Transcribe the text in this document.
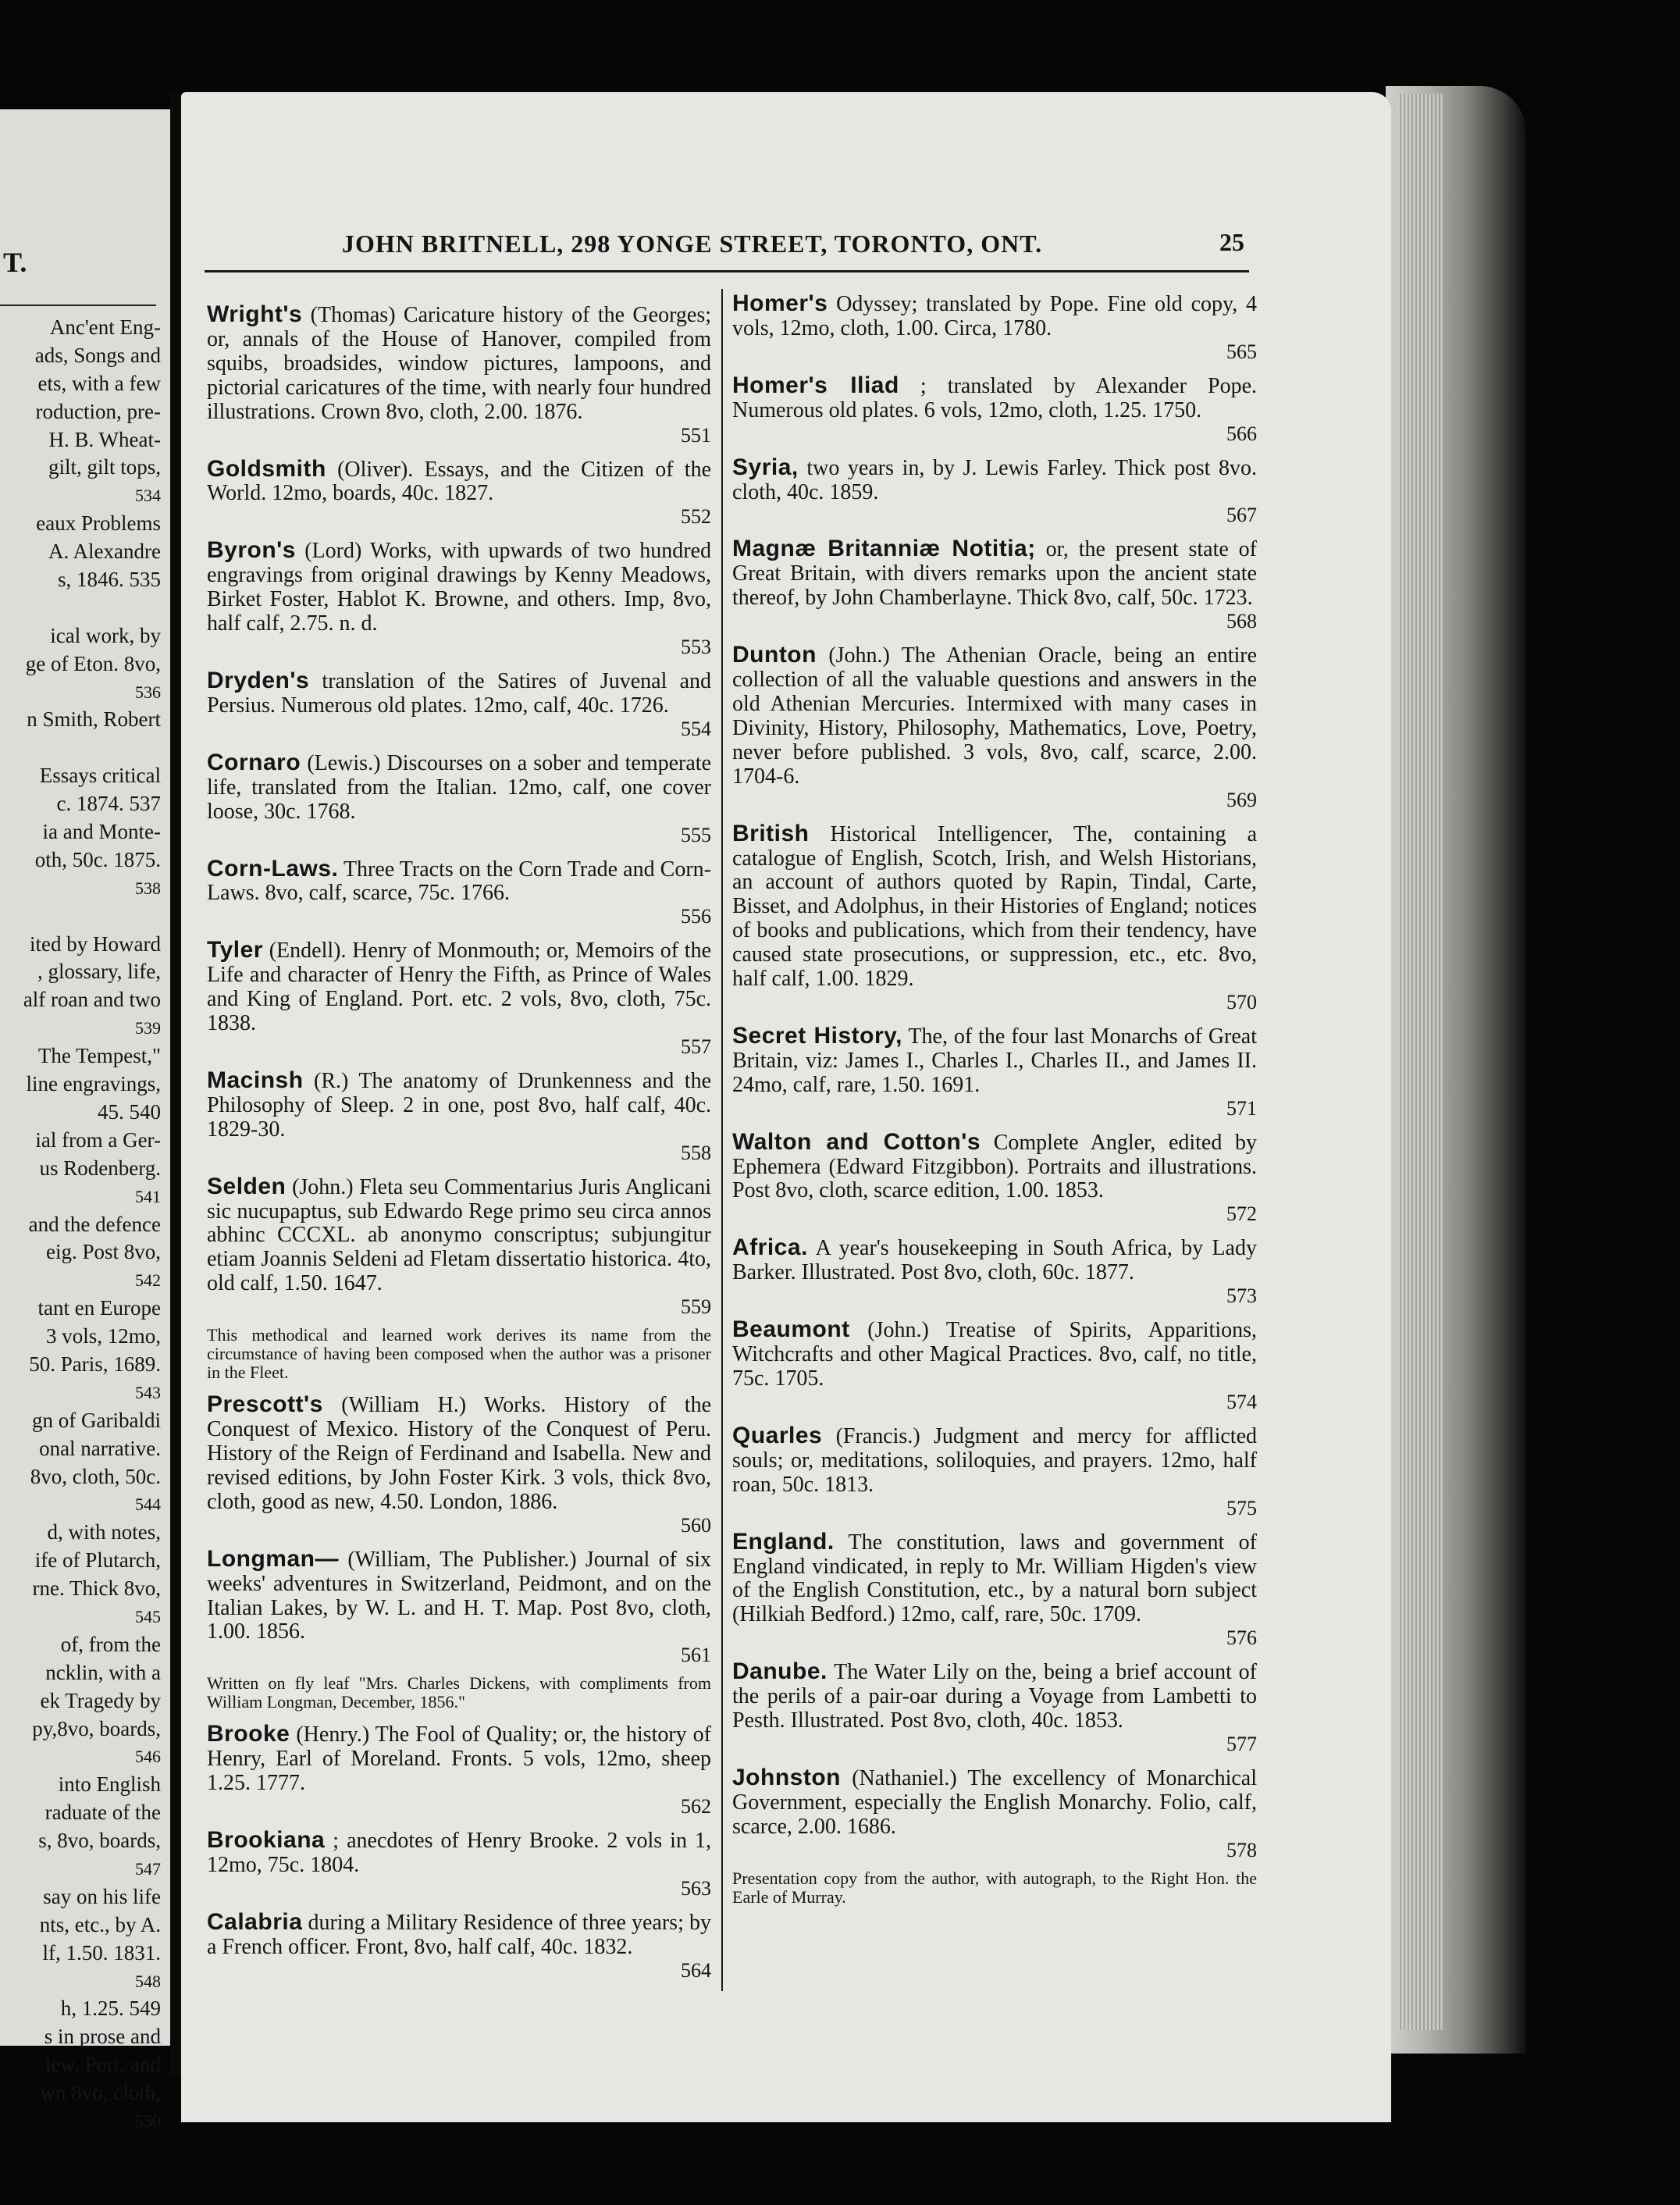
T.
Anc'ent Eng-
ads, Songs and
ets, with a few
roduction, pre-
H. B. Wheat-
gilt, gilt tops,
534
eaux Problems
A. Alexandre
s, 1846. 535
ical work, by
ge of Eton. 8vo,
536
n Smith, Robert
Essays critical
c. 1874. 537
ia and Monte-
oth, 50c. 1875.
538
ited by Howard
, glossary, life,
alf roan and two
539
The Tempest,"
line engravings,
45. 540
ial from a Ger-
us Rodenberg.
541
and the defence
eig. Post 8vo,
542
tant en Europe
3 vols, 12mo,
50. Paris, 1689.
543
gn of Garibaldi
onal narrative.
8vo, cloth, 50c.
544
d, with notes,
ife of Plutarch,
rne. Thick 8vo,
545
of, from the
ncklin, with a
ek Tragedy by
py,8vo, boards,
546
into English
raduate of the
s, 8vo, boards,
547
say on his life
nts, etc., by A.
lf, 1.50. 1831.
548
h, 1.25. 549
s in prose and
iew. Port. and
wn 8vo, cloth,
550
JOHN BRITNELL, 298 YONGE STREET, TORONTO, ONT.	25
Wright's (Thomas) Caricature history of the Georges; or, annals of the House of Hanover, compiled from squibs, broadsides, window pictures, lampoons, and pictorial caricatures of the time, with nearly four hundred illustrations. Crown 8vo, cloth, 2.00. 1876.
551
Goldsmith (Oliver). Essays, and the Citizen of the World. 12mo, boards, 40c. 1827.
552
Byron's (Lord) Works, with upwards of two hundred engravings from original drawings by Kenny Meadows, Birket Foster, Hablot K. Browne, and others. Imp, 8vo, half calf, 2.75. n. d.
553
Dryden's translation of the Satires of Juvenal and Persius. Numerous old plates. 12mo, calf, 40c. 1726.
554
Cornaro (Lewis.) Discourses on a sober and temperate life, translated from the Italian. 12mo, calf, one cover loose, 30c. 1768.
555
Corn-Laws. Three Tracts on the Corn Trade and Corn-Laws. 8vo, calf, scarce, 75c. 1766.
556
Tyler (Endell). Henry of Monmouth; or, Memoirs of the Life and character of Henry the Fifth, as Prince of Wales and King of England. Port. etc. 2 vols, 8vo, cloth, 75c. 1838.
557
Macinsh (R.) The anatomy of Drunkenness and the Philosophy of Sleep. 2 in one, post 8vo, half calf, 40c. 1829-30.
558
Selden (John.) Fleta seu Commentarius Juris Anglicani sic nucupaptus, sub Edwardo Rege primo seu circa annos abhinc CCCXL. ab anonymo conscriptus; subjungitur etiam Joannis Seldeni ad Fletam dissertatio historica. 4to, old calf, 1.50. 1647.
559
This methodical and learned work derives its name from the circumstance of having been composed when the author was a prisoner in the Fleet.
Prescott's (William H.) Works. History of the Conquest of Mexico. History of the Conquest of Peru. History of the Reign of Ferdinand and Isabella. New and revised editions, by John Foster Kirk. 3 vols, thick 8vo, cloth, good as new, 4.50. London, 1886.
560
Longman— (William, The Publisher.) Journal of six weeks' adventures in Switzerland, Peidmont, and on the Italian Lakes, by W. L. and H. T. Map. Post 8vo, cloth, 1.00. 1856.
561
Written on fly leaf "Mrs. Charles Dickens, with compliments from William Longman, December, 1856."
Brooke (Henry.) The Fool of Quality; or, the history of Henry, Earl of Moreland. Fronts. 5 vols, 12mo, sheep 1.25. 1777.
562
Brookiana ; anecdotes of Henry Brooke. 2 vols in 1, 12mo, 75c. 1804.
563
Calabria during a Military Residence of three years; by a French officer. Front, 8vo, half calf, 40c. 1832.
564
Homer's Odyssey; translated by Pope. Fine old copy, 4 vols, 12mo, cloth, 1.00. Circa, 1780.
565
Homer's Iliad ; translated by Alexander Pope. Numerous old plates. 6 vols, 12mo, cloth, 1.25. 1750.
566
Syria, two years in, by J. Lewis Farley. Thick post 8vo. cloth, 40c. 1859.
567
Magnæ Britanniæ Notitia; or, the present state of Great Britain, with divers remarks upon the ancient state thereof, by John Chamberlayne. Thick 8vo, calf, 50c. 1723.
568
Dunton (John.) The Athenian Oracle, being an entire collection of all the valuable questions and answers in the old Athenian Mercuries. Intermixed with many cases in Divinity, History, Philosophy, Mathematics, Love, Poetry, never before published. 3 vols, 8vo, calf, scarce, 2.00. 1704-6.
569
British Historical Intelligencer, The, containing a catalogue of English, Scotch, Irish, and Welsh Historians, an account of authors quoted by Rapin, Tindal, Carte, Bisset, and Adolphus, in their Histories of England; notices of books and publications, which from their tendency, have caused state prosecutions, or suppression, etc., etc. 8vo, half calf, 1.00. 1829.
570
Secret History, The, of the four last Monarchs of Great Britain, viz: James I., Charles I., Charles II., and James II. 24mo, calf, rare, 1.50. 1691.
571
Walton and Cotton's Complete Angler, edited by Ephemera (Edward Fitzgibbon). Portraits and illustrations. Post 8vo, cloth, scarce edition, 1.00. 1853.
572
Africa. A year's housekeeping in South Africa, by Lady Barker. Illustrated. Post 8vo, cloth, 60c. 1877.
573
Beaumont (John.) Treatise of Spirits, Apparitions, Witchcrafts and other Magical Practices. 8vo, calf, no title, 75c. 1705.
574
Quarles (Francis.) Judgment and mercy for afflicted souls; or, meditations, soliloquies, and prayers. 12mo, half roan, 50c. 1813.
575
England. The constitution, laws and government of England vindicated, in reply to Mr. William Higden's view of the English Constitution, etc., by a natural born subject (Hilkiah Bedford.) 12mo, calf, rare, 50c. 1709.
576
Danube. The Water Lily on the, being a brief account of the perils of a pair-oar during a Voyage from Lambetti to Pesth. Illustrated. Post 8vo, cloth, 40c. 1853.
577
Johnston (Nathaniel.) The excellency of Monarchical Government, especially the English Monarchy. Folio, calf, scarce, 2.00. 1686.
578
Presentation copy from the author, with autograph, to the Right Hon. the Earle of Murray.
